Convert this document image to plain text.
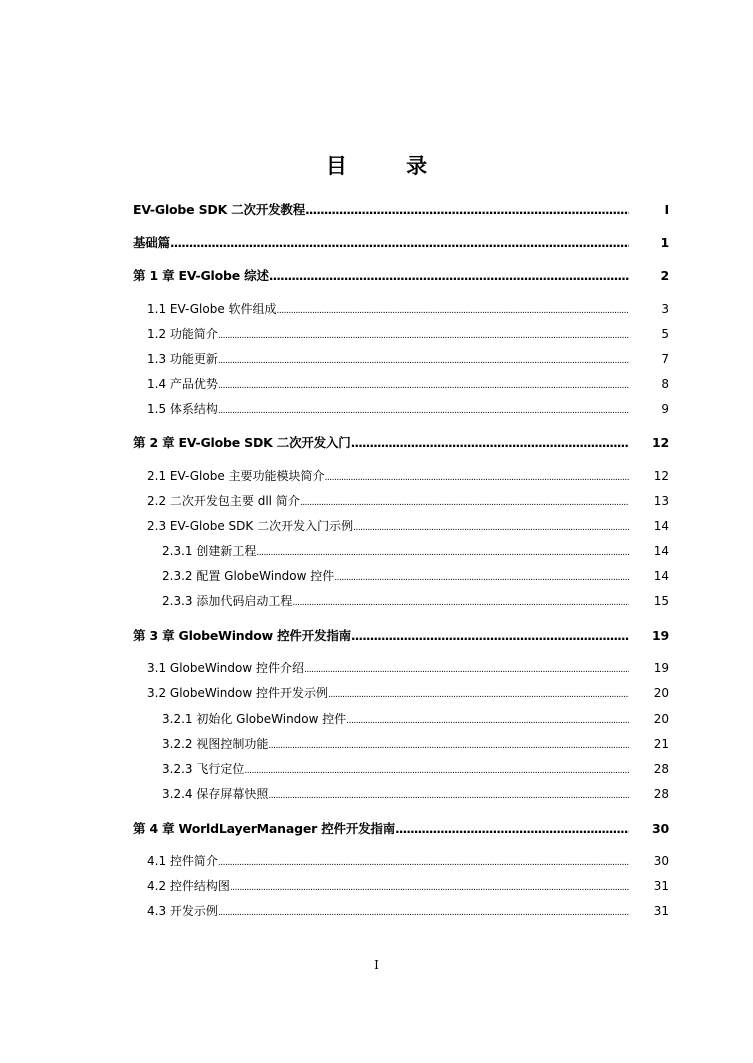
目 录
EV-Globe SDK 二次开发教程 .....	I
基础篇 .....	1
第 1 章 EV-Globe 综述 .....	2
1.1 EV-Globe 软件组成 .....	3
1.2 功能简介 .....	5
1.3 功能更新 .....	7
1.4 产品优势 .....	8
1.5 体系结构 .....	9
第 2 章 EV-Globe SDK 二次开发入门 .....	12
2.1 EV-Globe 主要功能模块简介 .....	12
2.2 二次开发包主要 dll 简介 .....	13
2.3 EV-Globe SDK 二次开发入门示例 .....	14
2.3.1 创建新工程 .....	14
2.3.2 配置 GlobeWindow 控件 .....	14
2.3.3 添加代码启动工程 .....	15
第 3 章 GlobeWindow 控件开发指南 .....	19
3.1 GlobeWindow 控件介绍 .....	19
3.2 GlobeWindow 控件开发示例 .....	20
3.2.1 初始化 GlobeWindow 控件 .....	20
3.2.2 视图控制功能 .....	21
3.2.3 飞行定位 .....	28
3.2.4 保存屏幕快照 .....	28
第 4 章 WorldLayerManager 控件开发指南 .....	30
4.1 控件简介 .....	30
4.2 控件结构图 .....	31
4.3 开发示例 .....	31
I
